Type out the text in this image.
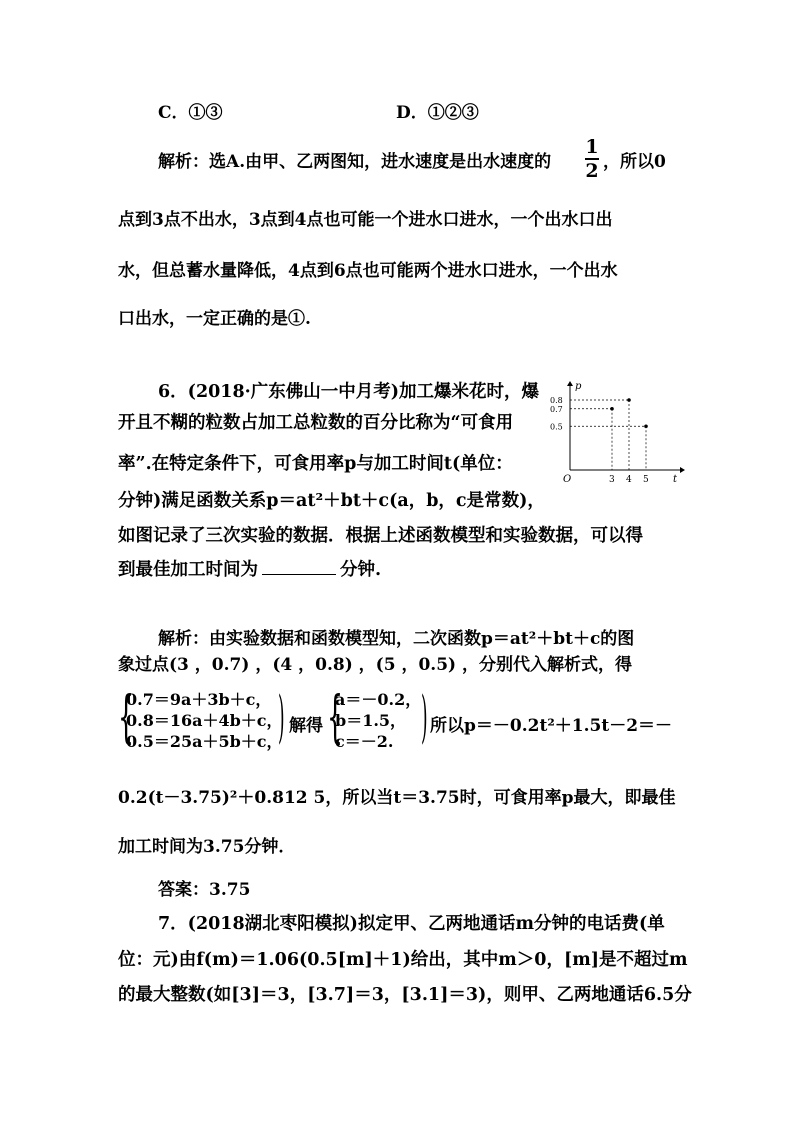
C．①③	D．①②③
解析：选A.由甲、乙两图知，进水速度是出水速度的
1
2 ，所以0
点到3点不出水，3点到4点也可能一个进水口进水，一个出水口出
水，但总蓄水量降低，4点到6点也可能两个进水口进水，一个出水
口出水，一定正确的是①.
6．(2018·广东佛山一中月考)加工爆米花时，爆
开且不糊的粒数占加工总粒数的百分比称为“可食用
率”.在特定条件下，可食用率p与加工时间t(单位：
分钟)满足函数关系p＝at²＋bt＋c(a，b，c是常数)，
如图记录了三次实验的数据．根据上述函数模型和实验数据，可以得
到最佳加工时间为	分钟.
p
t
O
0.8
0.7
0.5
3 4 5
解析：由实验数据和函数模型知，二次函数p＝at²＋bt＋c的图
象过点(3 ，0.7) ，(4 ，0.8) ，(5 ，0.5) ，分别代入解析式，得
{
0.7＝9a＋3b＋c，
0.8＝16a＋4b＋c，
0.5＝25a＋5b＋c，
) 解得 {
a＝－0.2，
b＝1.5，
c＝－2. ) 所以p＝－0.2t²＋1.5t－2＝－
0.2(t－3.75)²＋0.812 5，所以当t＝3.75时，可食用率p最大，即最佳
加工时间为3.75分钟．
答案：3.75
7．(2018湖北枣阳模拟)拟定甲、乙两地通话m分钟的电话费(单
位：元)由f(m)＝1.06(0.5[m]＋1)给出，其中m＞0，[m]是不超过m
的最大整数(如[3]＝3，[3.7]＝3，[3.1]＝3)，则甲、乙两地通话6.5分
